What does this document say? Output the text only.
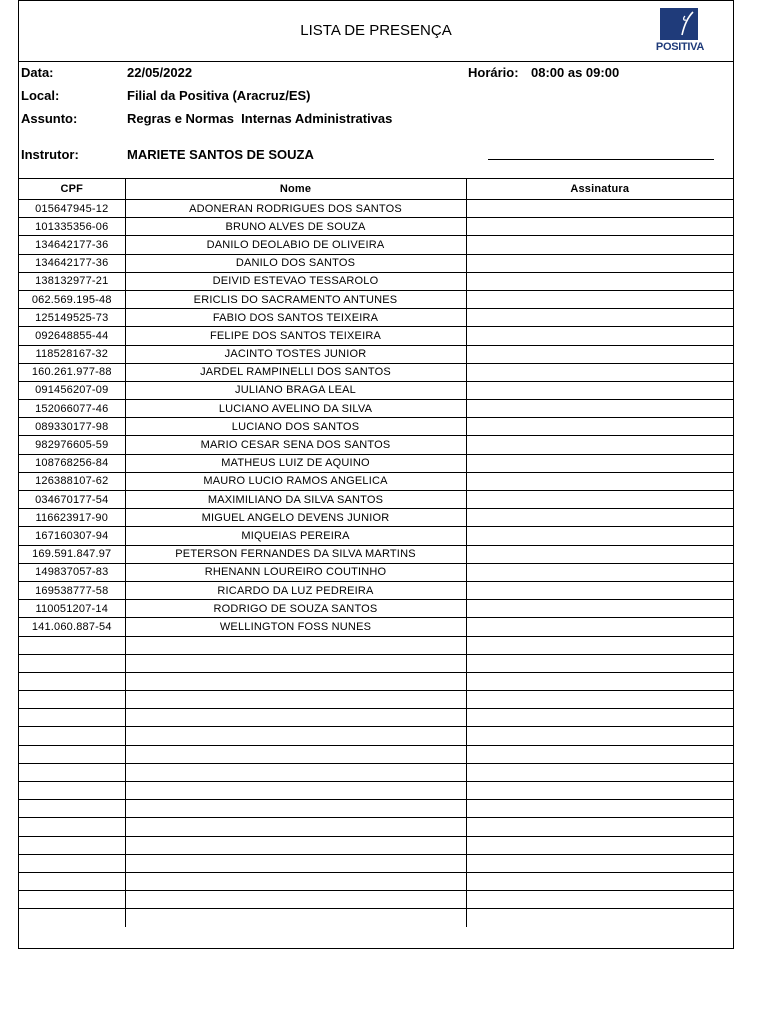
LISTA DE PRESENÇA
POSITIVA
Data:	22/05/2022	Horário: 08:00 as 09:00
Local:	Filial da Positiva (Aracruz/ES)
Assunto:	Regras e Normas  Internas Administrativas
Instrutor:	MARIETE SANTOS DE SOUZA
CPF	Nome	Assinatura
015647945-12	ADONERAN RODRIGUES DOS SANTOS	
101335356-06	BRUNO ALVES DE SOUZA	
134642177-36	DANILO DEOLABIO DE OLIVEIRA	
134642177-36	DANILO DOS SANTOS	
138132977-21	DEIVID ESTEVAO TESSAROLO	
062.569.195-48	ERICLIS DO SACRAMENTO ANTUNES	
125149525-73	FABIO DOS SANTOS TEIXEIRA	
092648855-44	FELIPE DOS SANTOS TEIXEIRA	
118528167-32	JACINTO TOSTES JUNIOR	
160.261.977-88	JARDEL RAMPINELLI DOS SANTOS	
091456207-09	JULIANO BRAGA LEAL	
152066077-46	LUCIANO AVELINO DA SILVA	
089330177-98	LUCIANO DOS SANTOS	
982976605-59	MARIO CESAR SENA DOS SANTOS	
108768256-84	MATHEUS LUIZ DE AQUINO	
126388107-62	MAURO LUCIO RAMOS ANGELICA	
034670177-54	MAXIMILIANO DA SILVA SANTOS	
116623917-90	MIGUEL ANGELO DEVENS JUNIOR	
167160307-94	MIQUEIAS PEREIRA	
169.591.847.97	PETERSON FERNANDES DA SILVA MARTINS	
149837057-83	RHENANN LOUREIRO COUTINHO	
169538777-58	RICARDO DA LUZ PEDREIRA	
110051207-14	RODRIGO DE SOUZA SANTOS	
141.060.887-54	WELLINGTON FOSS NUNES	
